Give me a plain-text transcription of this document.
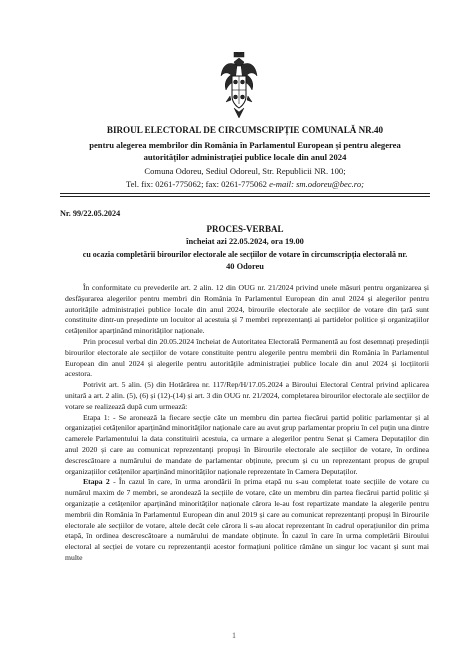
BIROUL ELECTORAL DE CIRCUMSCRIPȚIE COMUNALĂ NR.40
pentru alegerea membrilor din România în Parlamentul European și pentru alegerea
autorităților administrației publice locale din anul 2024
Comuna Odoreu, Sediul Odoreul, Str. Republicii NR. 100;
Tel. fix: 0261-775062; fax: 0261-775062 e-mail: sm.odoreu@bec.ro;
Nr. 99/22.05.2024
PROCES-VERBAL
încheiat azi 22.05.2024, ora 19.00
cu ocazia completării birourilor electorale ale secțiilor de votare în circumscripția electorală nr.
40 Odoreu

În conformitate cu prevederile art. 2 alin. 12 din OUG nr. 21/2024 privind unele măsuri pentru organizarea și desfășurarea alegerilor pentru membri din România în Parlamentul European din anul 2024 și alegerilor pentru autoritățile administrației publice locale din anul 2024, birourile electorale ale secțiilor de votare din țară sunt constituite dintr-un președinte un locuitor al acestuia și 7 membri reprezentanți ai partidelor politice și organizațiilor cetățenilor aparținând minorităților naționale.

Prin procesul verbal din 20.05.2024 încheiat de Autoritatea Electorală Permanentă au fost desemnați președinții birourilor electorale ale secțiilor de votare constituite pentru alegerile pentru membrii din România în Parlamentul European din anul 2024 și alegerile pentru autoritățile administrației publice locale din anul 2024 și locțiitorii acestora.

Potrivit art. 5 alin. (5) din Hotărârea nr. 117/Rep/H/17.05.2024 a Biroului Electoral Central privind aplicarea unitară a art. 2 alin. (5), (6) și (12)-(14) și art. 3 din OUG nr. 21/2024, completarea birourilor electorale ale secțiilor de votare se realizează după cum urmează:

Etapa 1: - Se aronează la fiecare secție câte un membru din partea fiecărui partid politic parlamentar și al organizației cetățenilor aparținând minorităților naționale care au avut grup parlamentar propriu în cel puțin una dintre camerele Parlamentului la data constituirii acestuia, ca urmare a alegerilor pentru Senat și Camera Deputaților din anul 2020 și care au comunicat reprezentanți propuși în Birourile electorale ale secțiilor de votare, în ordinea descrescătoare a numărului de mandate de parlamentar obținute, precum și cu un reprezentant propus de grupul organizațiilor cetățenilor aparținând minorităților naționale reprezentate în Camera Deputaților.

Etapa 2 - În cazul în care, în urma arondării în prima etapă nu s-au completat toate secțiile de votare cu numărul maxim de 7 membri, se arondează la secțiile de votare, câte un membru din partea fiecărui partid politic și organizație a cetățenilor aparținând minorităților naționale cărora le-au fost repartizate mandate la alegerile pentru membrii din România în Parlamentul European din anul 2019 și care au comunicat reprezentanți propuși în Birourile electorale ale secțiilor de votare, altele decât cele cărora li s-au alocat reprezentant în cadrul operațiunilor din prima etapă, în ordinea descrescătoare a numărului de mandate obținute. În cazul în care în urma completării Biroului electoral al secției de votare cu reprezentanții acestor formațiuni politice rămâne un singur loc vacant și sunt mai multe

1
